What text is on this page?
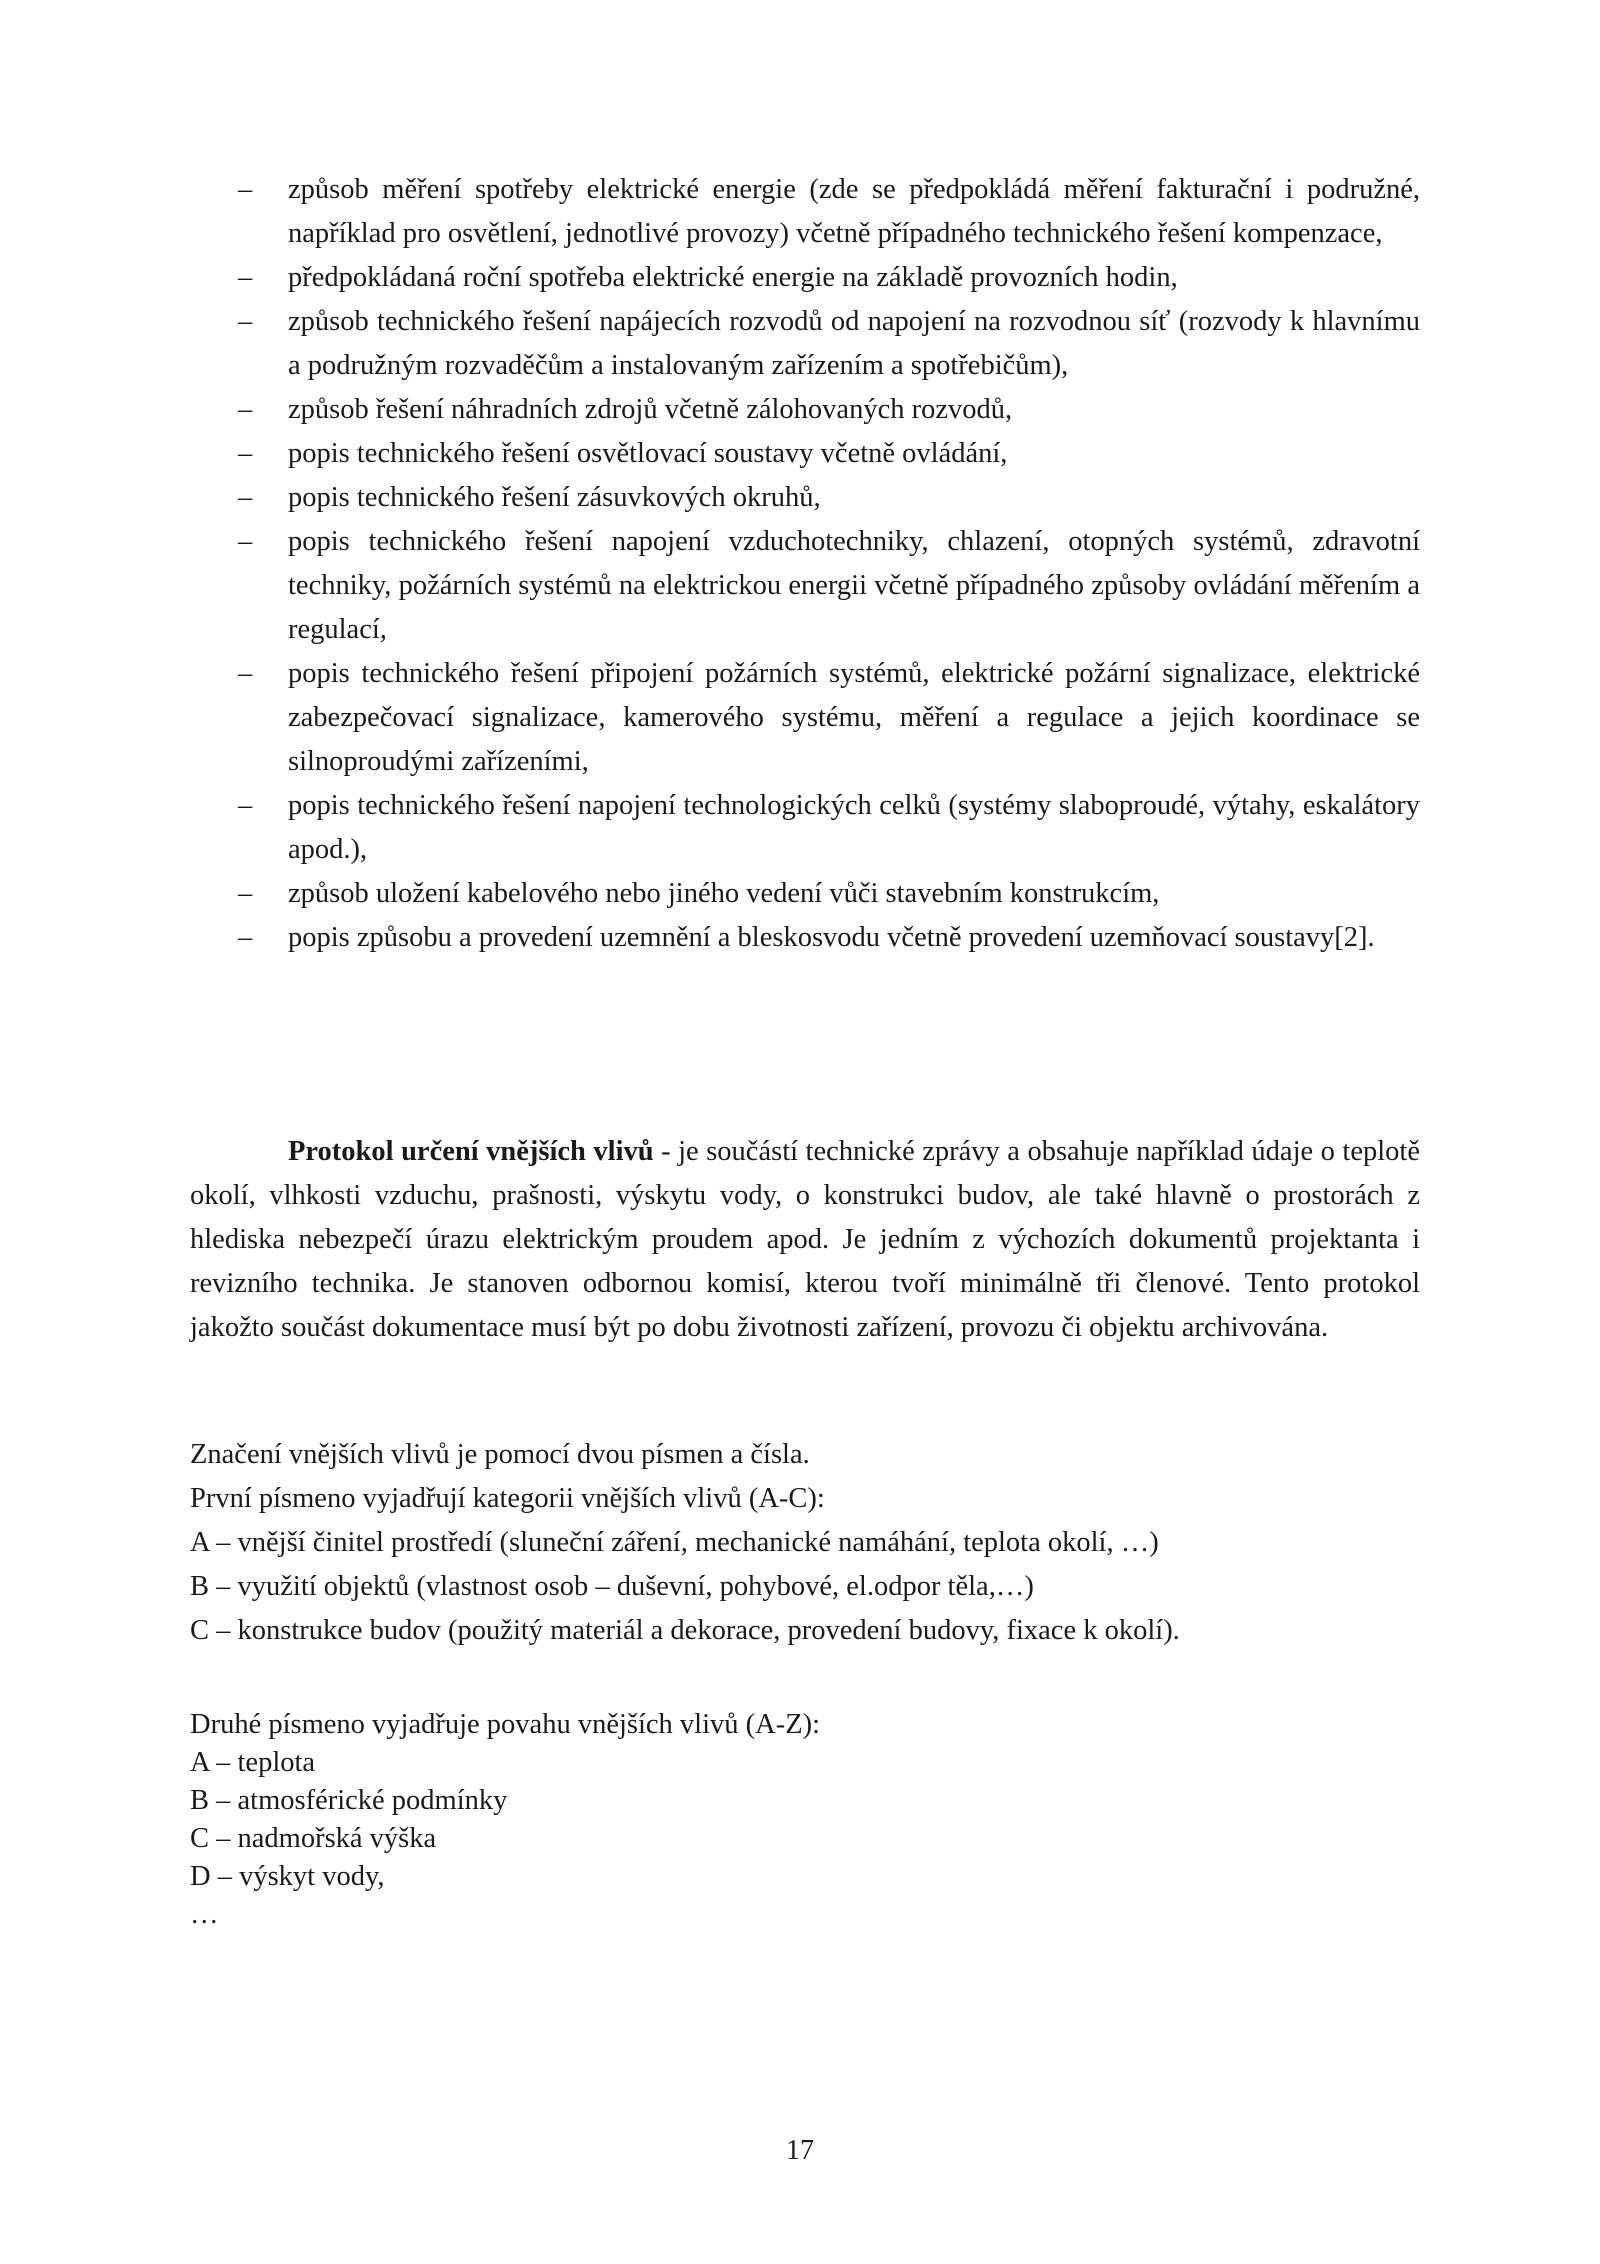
– způsob měření spotřeby elektrické energie (zde se předpokládá měření fakturační i podružné, například pro osvětlení, jednotlivé provozy) včetně případného technického řešení kompenzace,
– předpokládaná roční spotřeba elektrické energie na základě provozních hodin,
– způsob technického řešení napájecích rozvodů od napojení na rozvodnou síť (rozvody k hlavnímu a podružným rozvaděčům a instalovaným zařízením a spotřebičům),
– způsob řešení náhradních zdrojů včetně zálohovaných rozvodů,
– popis technického řešení osvětlovací soustavy včetně ovládání,
– popis technického řešení zásuvkových okruhů,
– popis technického řešení napojení vzduchotechniky, chlazení, otopných systémů, zdravotní techniky, požárních systémů na elektrickou energii včetně případného způsoby ovládání měřením a regulací,
– popis technického řešení připojení požárních systémů, elektrické požární signalizace, elektrické zabezpečovací signalizace, kamerového systému, měření a regulace a jejich koordinace se silnoproudými zařízeními,
– popis technického řešení napojení technologických celků (systémy slaboproudé, výtahy, eskalátory apod.),
– způsob uložení kabelového nebo jiného vedení vůči stavebním konstrukcím,
– popis způsobu a provedení uzemnění a bleskosvodu včetně provedení uzemňovací soustavy[2].

Protokol určení vnějších vlivů - je součástí technické zprávy a obsahuje například údaje o teplotě okolí, vlhkosti vzduchu, prašnosti, výskytu vody, o konstrukci budov, ale také hlavně o prostorách z hlediska nebezpečí úrazu elektrickým proudem apod. Je jedním z výchozích dokumentů projektanta i revizního technika. Je stanoven odbornou komisí, kterou tvoří minimálně tři členové. Tento protokol jakožto součást dokumentace musí být po dobu životnosti zařízení, provozu či objektu archivována.

Značení vnějších vlivů je pomocí dvou písmen a čísla.
První písmeno vyjadřují kategorii vnějších vlivů (A-C):
A – vnější činitel prostředí (sluneční záření, mechanické namáhání, teplota okolí, …)
B – využití objektů (vlastnost osob – duševní, pohybové, el.odpor těla,…)
C – konstrukce budov (použitý materiál a dekorace, provedení budovy, fixace k okolí).
Druhé písmeno vyjadřuje povahu vnějších vlivů (A-Z):
A – teplota
B – atmosférické podmínky
C – nadmořská výška
D – výskyt vody,
…
17
